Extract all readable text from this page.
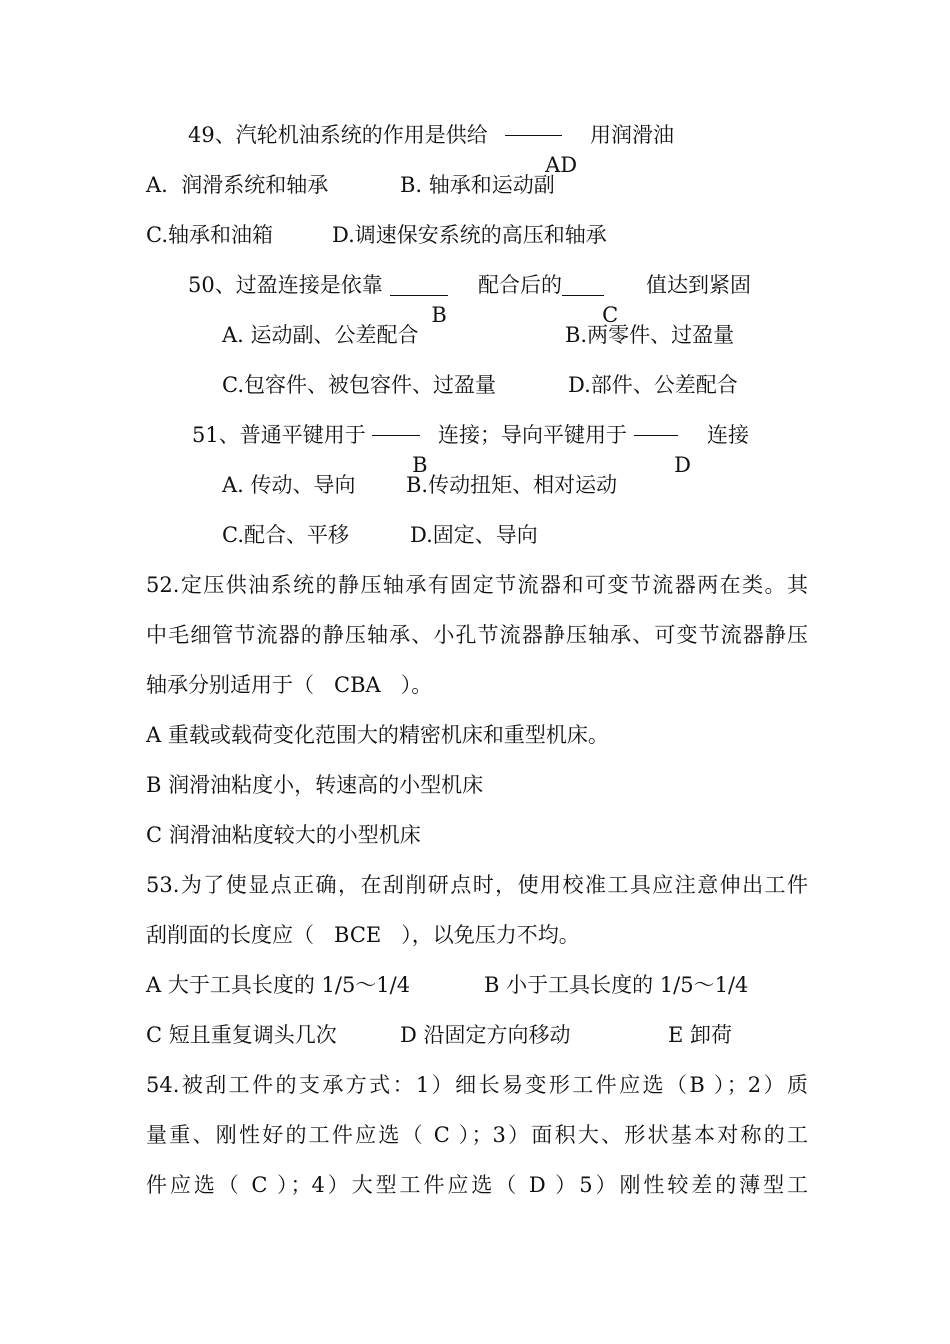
49、汽轮机油系统的作用是供给

AD

用润滑油

A.  润滑系统和轴承

	B. 轴承和运动副

C.轴承和油箱

	D.调速保安系统的高压和轴承

50、过盈连接是依靠

B

配合后的

C

值达到紧固

A. 运动副、公差配合

	B.两零件、过盈量

C.包容件、被包容件、过盈量

	D.部件、公差配合

51、普通平键用于

B

连接；导向平键用于

D

连接

A. 传动、导向

B.传动扭矩、相对运动

C.配合、平移

	D.固定、导向

52.定压供油系统的静压轴承有固定节流器和可变节流器两在类。其
中毛细管节流器的静压轴承、小孔节流器静压轴承、可变节流器静压

轴承分别适用于（   CBA   ）。

A 重载或载荷变化范围大的精密机床和重型机床。

B 润滑油粘度小，转速高的小型机床

C 润滑油粘度较大的小型机床

53.为了使显点正确，在刮削研点时，使用校准工具应注意伸出工件

刮削面的长度应（   BCE   ），以免压力不均。

A 大于工具长度的 1/5～1/4

	B 小于工具长度的 1/5～1/4

C 短且重复调头几次

	D 沿固定方向移动

	E 卸荷

54.被刮工件的支承方式：1）细长易变形工件应选（B ）；2）质
量重、刚性好的工件应选（ C ）；3）面积大、形状基本对称的工
件应选（ C ）；4）大型工件应选（ D ）5）刚性较差的薄型工
